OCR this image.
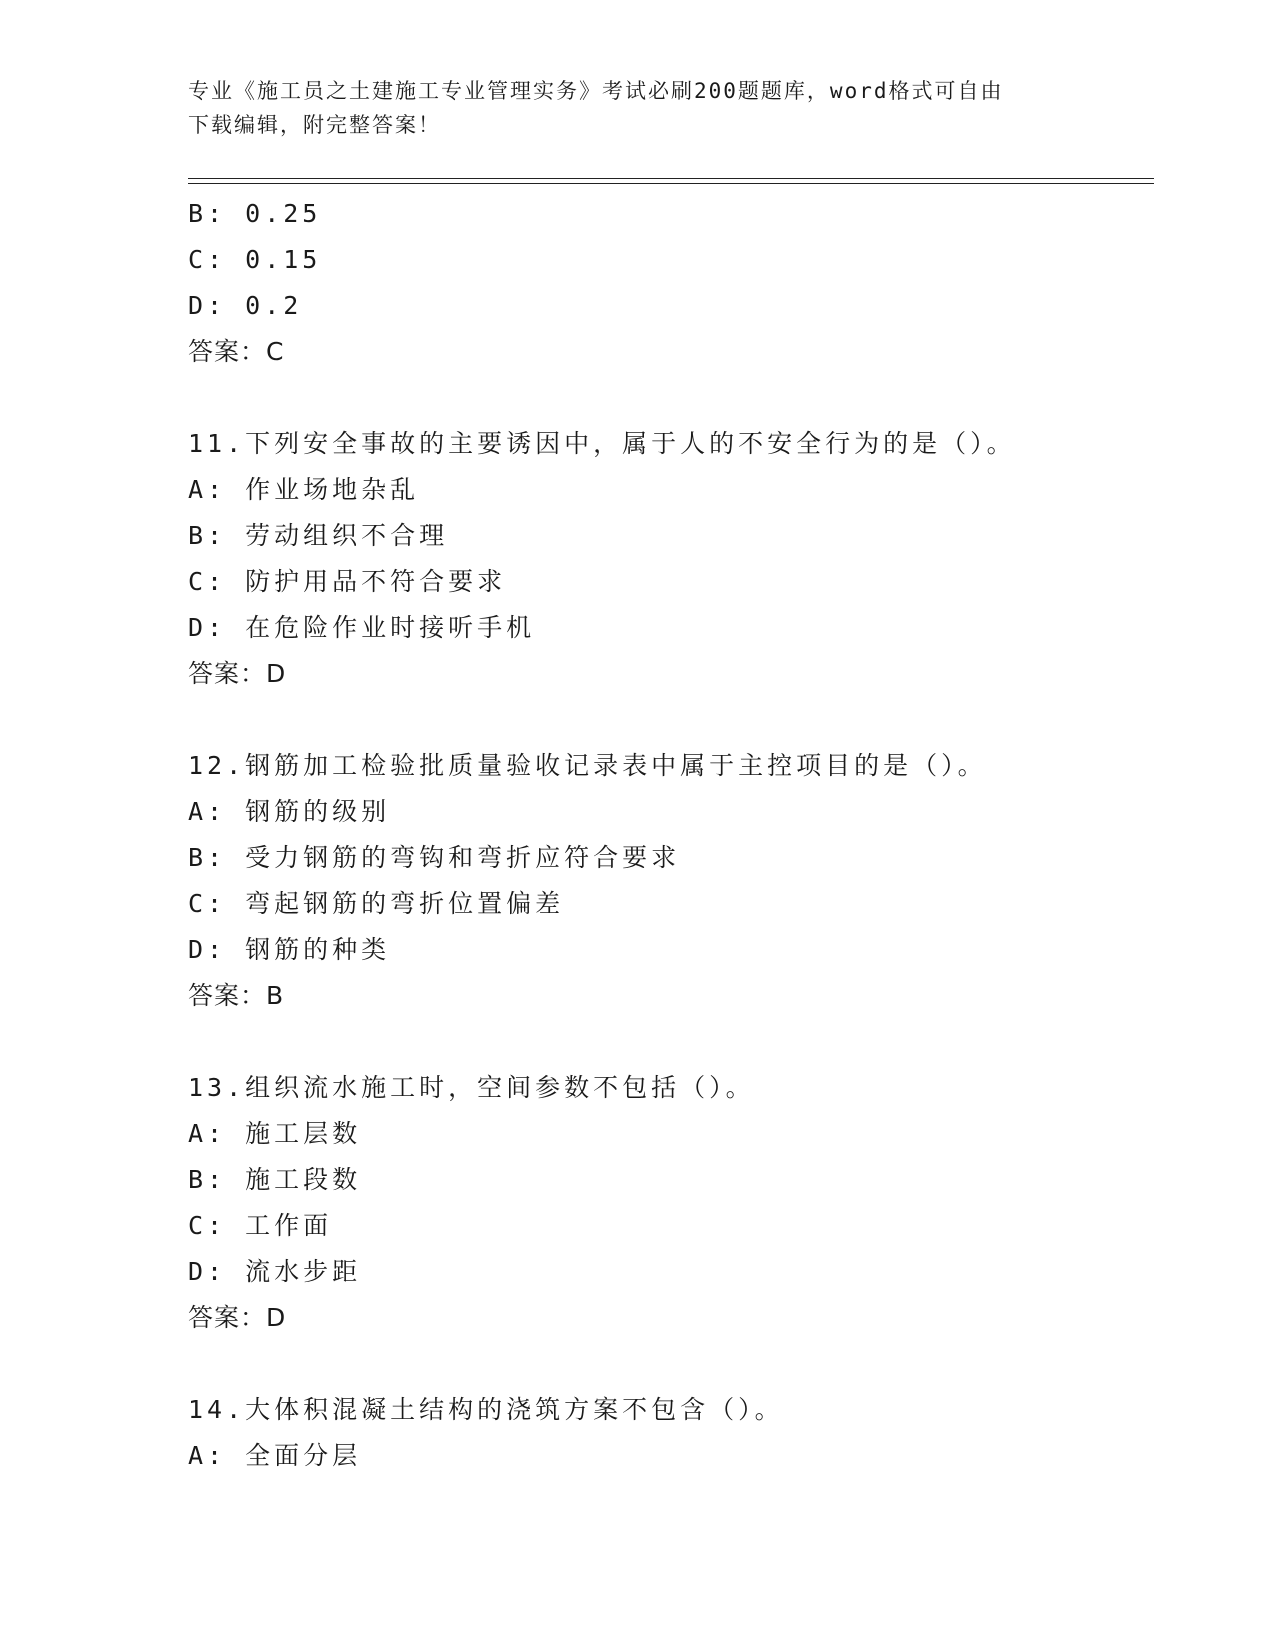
专业《施工员之土建施工专业管理实务》考试必刷200题题库，word格式可自由
下载编辑，附完整答案！
B: 0.25
C: 0.15
D: 0.2
答案：C
11.下列安全事故的主要诱因中，属于人的不安全行为的是（）。
A: 作业场地杂乱
B: 劳动组织不合理
C: 防护用品不符合要求
D: 在危险作业时接听手机
答案：D
12.钢筋加工检验批质量验收记录表中属于主控项目的是（）。
A: 钢筋的级别
B: 受力钢筋的弯钩和弯折应符合要求
C: 弯起钢筋的弯折位置偏差
D: 钢筋的种类
答案：B
13.组织流水施工时，空间参数不包括（）。
A: 施工层数
B: 施工段数
C: 工作面
D: 流水步距
答案：D
14.大体积混凝土结构的浇筑方案不包含（）。
A: 全面分层
